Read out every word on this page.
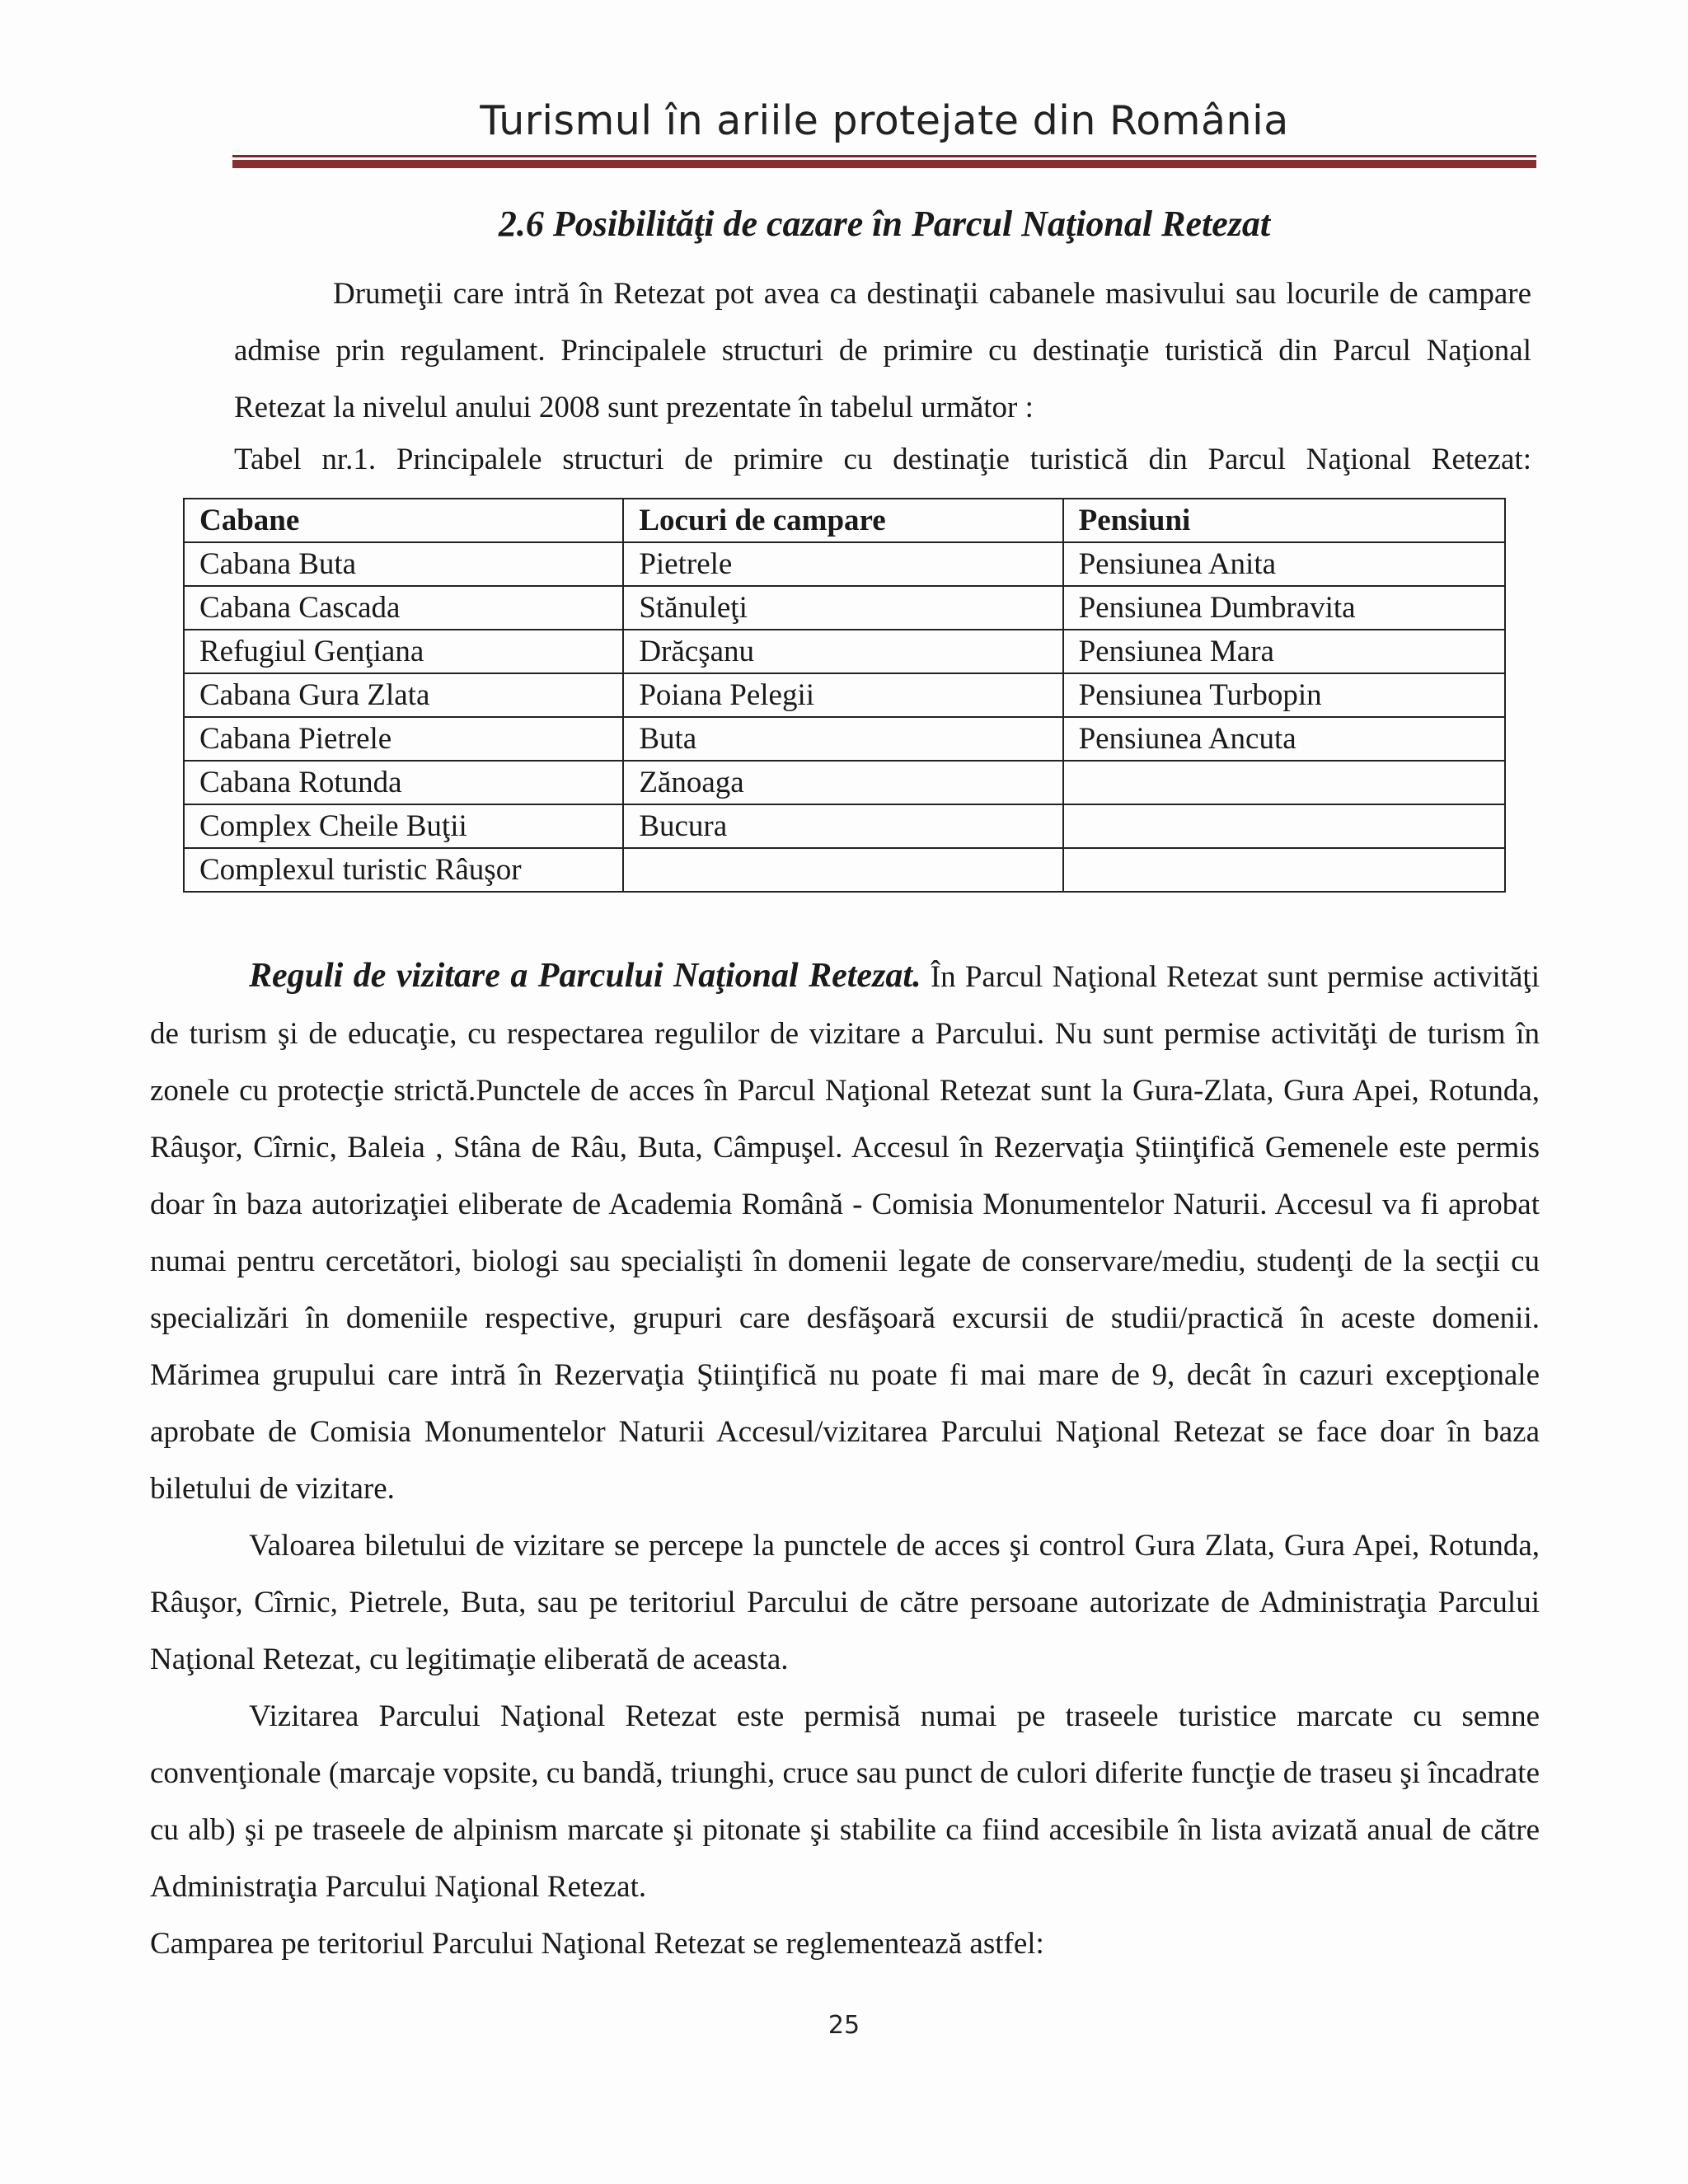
Turismul în ariile protejate din România
2.6 Posibilităţi de cazare în Parcul Naţional Retezat

Drumeţii care intră în Retezat pot avea ca destinaţii cabanele masivului sau locurile de campare admise prin regulament. Principalele structuri de primire cu destinaţie turistică din Parcul Naţional Retezat la nivelul anului 2008 sunt prezentate în tabelul următor :

Tabel nr.1. Principalele structuri de primire cu destinaţie turistică din Parcul Naţional Retezat:

Cabane	Locuri de campare	Pensiuni
Cabana Buta	Pietrele	Pensiunea Anita
Cabana Cascada	Stănuleţi	Pensiunea Dumbravita
Refugiul Genţiana	Drăcşanu	Pensiunea Mara
Cabana Gura Zlata	Poiana Pelegii	Pensiunea Turbopin
Cabana Pietrele	Buta	Pensiunea Ancuta
Cabana Rotunda	Zănoaga	
Complex Cheile Buţii	Bucura	
Complexul turistic Râuşor		

Reguli de vizitare a Parcului Naţional Retezat. În Parcul Naţional Retezat sunt permise activităţi de turism şi de educaţie, cu respectarea regulilor de vizitare a Parcului. Nu sunt permise activităţi de turism în zonele cu protecţie strictă.Punctele de acces în Parcul Naţional Retezat sunt la Gura-Zlata, Gura Apei, Rotunda, Râuşor, Cîrnic, Baleia , Stâna de Râu, Buta, Câmpuşel. Accesul în Rezervaţia Ştiinţifică Gemenele este permis doar în baza autorizaţiei eliberate de Academia Română - Comisia Monumentelor Naturii. Accesul va fi aprobat numai pentru cercetători, biologi sau specialişti în domenii legate de conservare/mediu, studenţi de la secţii cu specializări în domeniile respective, grupuri care desfăşoară excursii de studii/practică în aceste domenii. Mărimea grupului care intră în Rezervaţia Ştiinţifică nu poate fi mai mare de 9, decât în cazuri excepţionale aprobate de Comisia Monumentelor Naturii Accesul/vizitarea Parcului Naţional Retezat se face doar în baza biletului de vizitare.

Valoarea biletului de vizitare se percepe la punctele de acces şi control Gura Zlata, Gura Apei, Rotunda, Râuşor, Cîrnic, Pietrele, Buta, sau pe teritoriul Parcului de către persoane autorizate de Administraţia Parcului Naţional Retezat, cu legitimaţie eliberată de aceasta.

Vizitarea Parcului Naţional Retezat este permisă numai pe traseele turistice marcate cu semne convenţionale (marcaje vopsite, cu bandă, triunghi, cruce sau punct de culori diferite funcţie de traseu şi încadrate cu alb) şi pe traseele de alpinism marcate şi pitonate şi stabilite ca fiind accesibile în lista avizată anual de către Administraţia Parcului Naţional Retezat.

Camparea pe teritoriul Parcului Naţional Retezat se reglementează astfel:

25
